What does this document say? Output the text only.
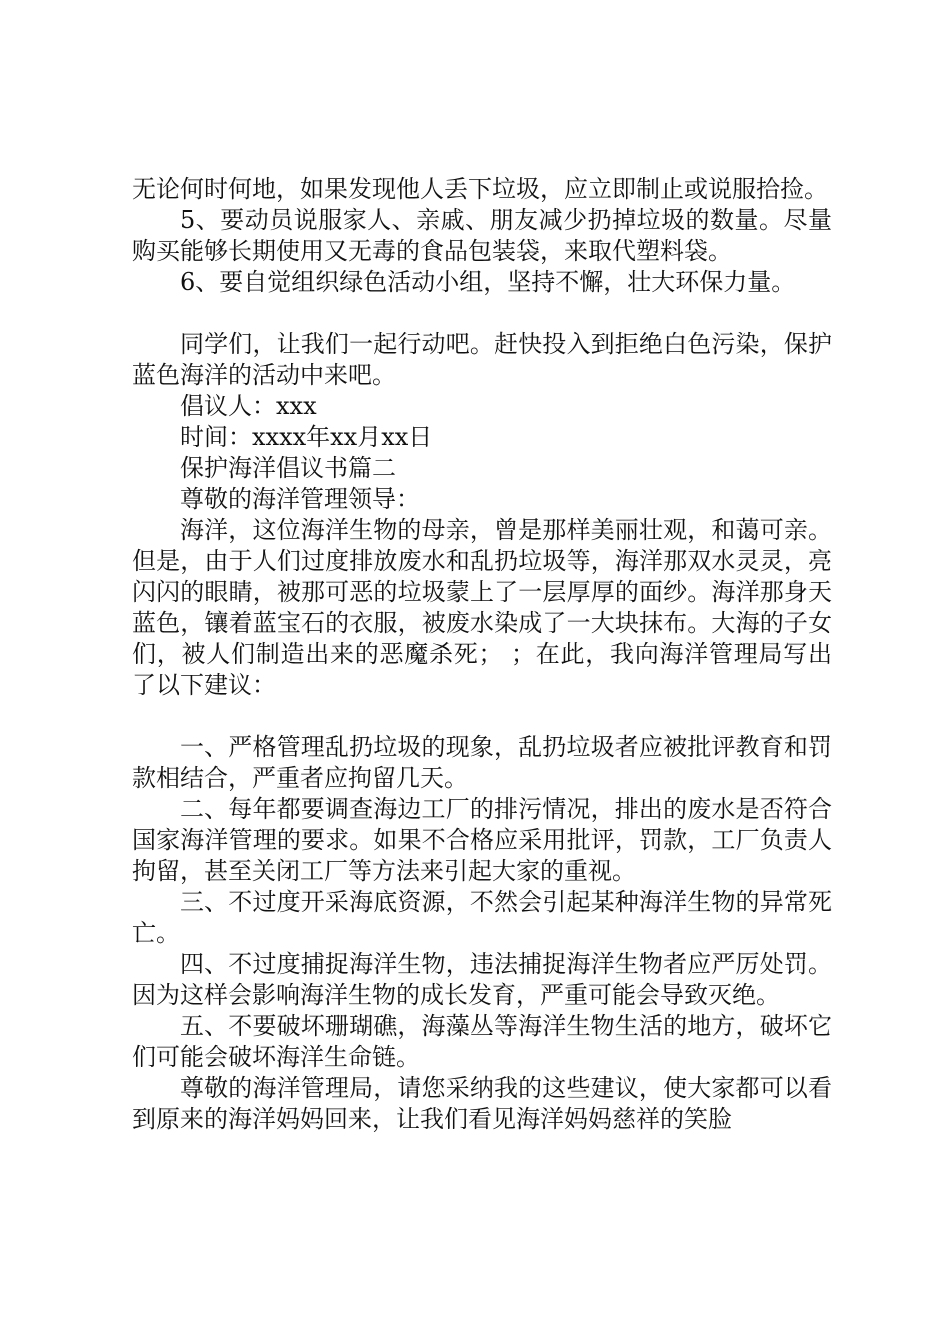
无论何时何地，如果发现他人丢下垃圾，应立即制止或说服拾捡。

5、要动员说服家人、亲戚、朋友减少扔掉垃圾的数量。尽量购买能够长期使用又无毒的食品包装袋，来取代塑料袋。

6、要自觉组织绿色活动小组，坚持不懈，壮大环保力量。

同学们，让我们一起行动吧。赶快投入到拒绝白色污染，保护蓝色海洋的活动中来吧。

倡议人：xxx

时间：xxxx年xx月xx日

保护海洋倡议书篇二

尊敬的海洋管理领导：

海洋，这位海洋生物的母亲，曾是那样美丽壮观，和蔼可亲。但是，由于人们过度排放废水和乱扔垃圾等，海洋那双水灵灵，亮闪闪的眼睛，被那可恶的垃圾蒙上了一层厚厚的面纱。海洋那身天蓝色，镶着蓝宝石的衣服，被废水染成了一大块抹布。大海的子女们，被人们制造出来的恶魔杀死； ；在此，我向海洋管理局写出了以下建议：

一、严格管理乱扔垃圾的现象，乱扔垃圾者应被批评教育和罚款相结合，严重者应拘留几天。

二、每年都要调查海边工厂的排污情况，排出的废水是否符合国家海洋管理的要求。如果不合格应采用批评，罚款，工厂负责人拘留，甚至关闭工厂等方法来引起大家的重视。

三、不过度开采海底资源，不然会引起某种海洋生物的异常死亡。

四、不过度捕捉海洋生物，违法捕捉海洋生物者应严厉处罚。因为这样会影响海洋生物的成长发育，严重可能会导致灭绝。

五、不要破坏珊瑚礁，海藻丛等海洋生物生活的地方，破坏它们可能会破坏海洋生命链。

尊敬的海洋管理局，请您采纳我的这些建议，使大家都可以看到原来的海洋妈妈回来，让我们看见海洋妈妈慈祥的笑脸
